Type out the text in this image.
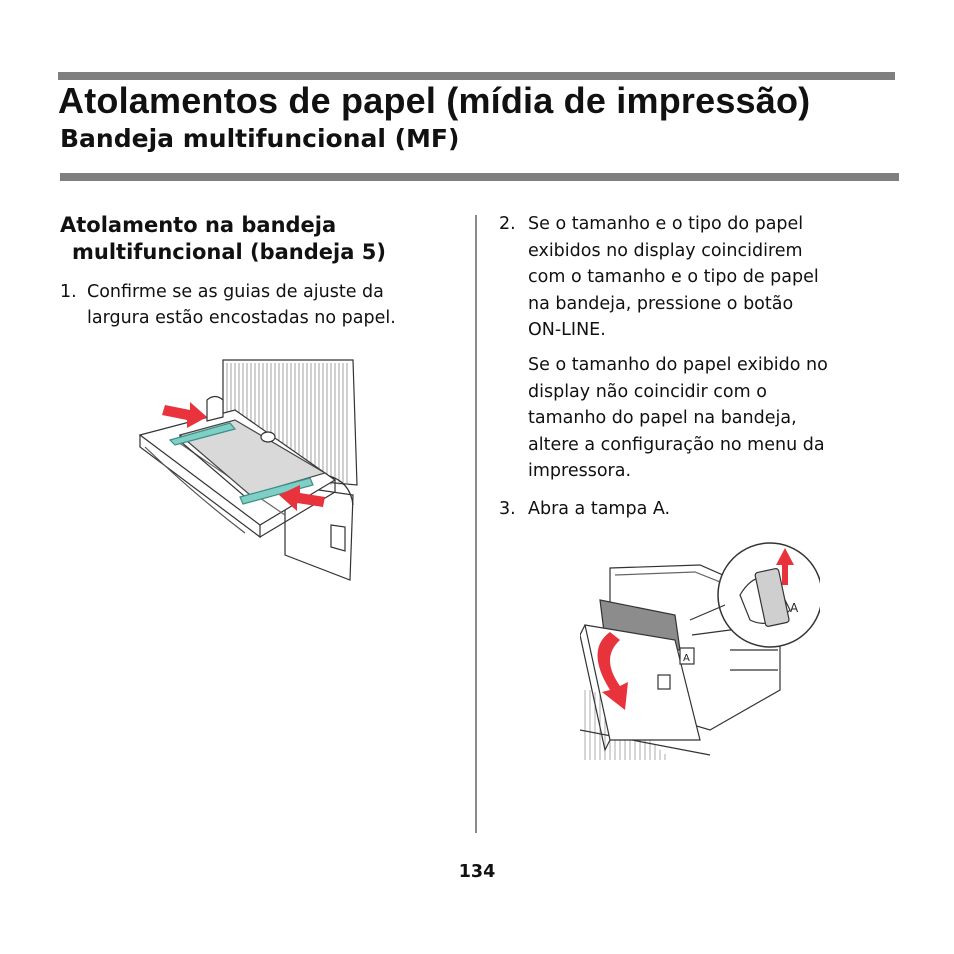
Atolamentos de papel (mídia de impressão)
Bandeja multifuncional (MF)
Atolamento na bandeja
multifuncional (bandeja 5)
1. Confirme se as guias de ajuste da

largura estão encostadas no papel.

2. Se o tamanho e o tipo do papel

exibidos no display coincidirem

com o tamanho e o tipo de papel

na bandeja, pressione o botão

ON-LINE.

Se o tamanho do papel exibido no

display não coincidir com o

tamanho do papel na bandeja,

altere a configuração no menu da

impressora.

3. Abra a tampa A.

A
A
134
